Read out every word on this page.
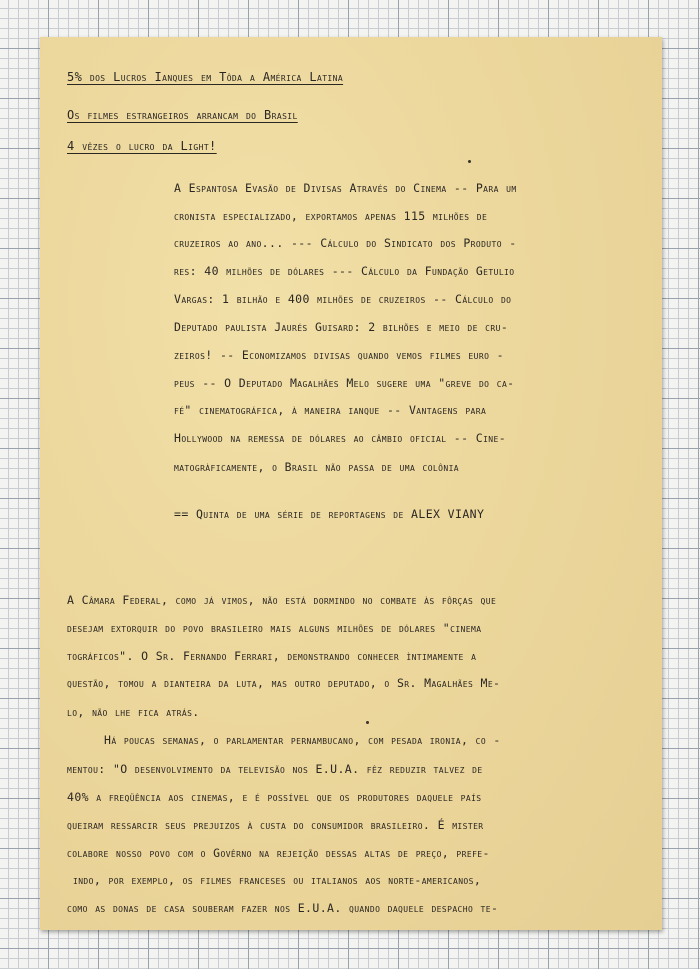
5% dos Lucros Ianques em Tôda a América Latina
Os filmes estrangeiros arrancam do Brasil
4 vêzes o lucro da Light!
A Espantosa Evasão de Divisas Através do Cinema -- Para um
cronista especializado, exportamos apenas 115 milhões de
cruzeiros ao ano... --- Cálculo do Sindicato dos Produto -
res: 40 milhões de dólares --- Cálculo da Fundação Getulio
Vargas: 1 bilhão e 400 milhões de cruzeiros -- Cálculo do
Deputado paulista Jaurés Guisard: 2 bilhões e meio de cru-
zeiros! -- Economizamos divisas quando vemos filmes euro -
peus -- O Deputado Magalhães Melo sugere uma "greve do ca-
fé" cinematográfica, à maneira ianque -- Vantagens para
Hollywood na remessa de dólares ao câmbio oficial -- Cine-
matogràficamente, o Brasil não passa de uma colônia
== Quinta de uma série de reportagens de ALEX VIANY
A Câmara Federal, como já vimos, não está dormindo no combate às fôrças que
desejam extorquir do povo brasileiro mais alguns milhões de dólares "cinema
tográficos". O Sr. Fernando Ferrari, demonstrando conhecer ìntimamente a
questão, tomou a dianteira da luta, mas outro deputado, o Sr. Magalhães Me-
lo, não lhe fica atrás.
Há poucas semanas, o parlamentar pernambucano, com pesada ironia, co -
mentou: "O desenvolvimento da televisão nos E.U.A. fêz reduzir talvez de
40% a freqüência aos cinemas, e é possível que os produtores daquele país
queiram ressarcir seus prejuizos à custa do consumidor brasileiro. É mister
colabore nosso povo com o Govêrno na rejeição dessas altas de preço, prefe-
indo, por exemplo, os filmes franceses ou italianos aos norte-americanos,
como as donas de casa souberam fazer nos E.U.A. quando daquele despacho te-
